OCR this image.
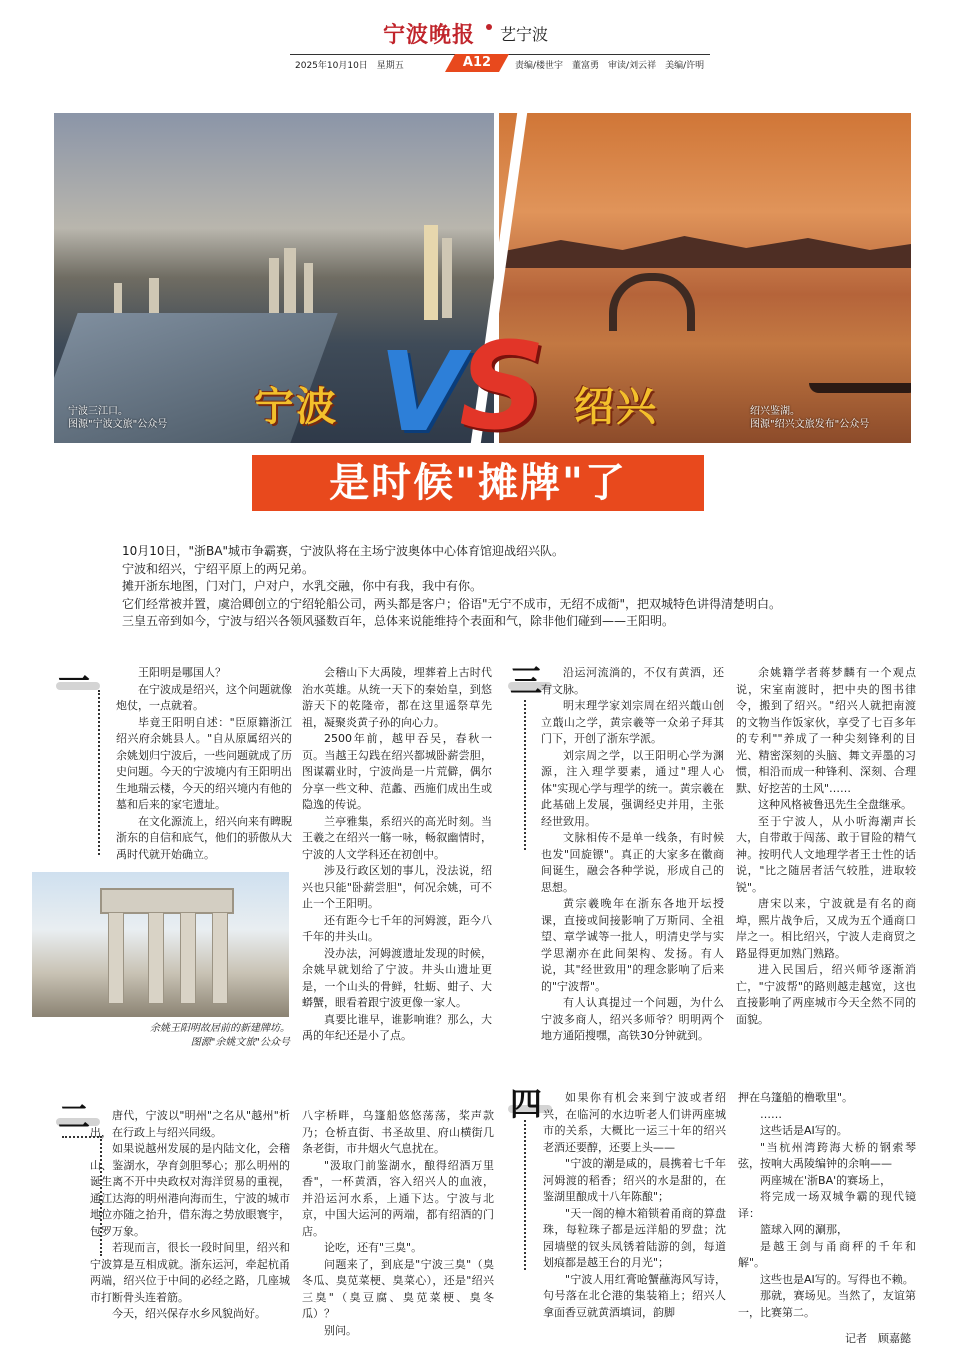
宁波晚报 艺宁波
2025年10月10日　星期五	A12	责编/楼世宇　董富勇　审读/刘云祥　美编/许明
V
S
宁波	绍兴
宁波三江口。
图源"宁波文旅"公众号
绍兴鉴湖。
图源"绍兴文旅发布"公众号
是时候"摊牌"了

10月10日，"浙BA"城市争霸赛，宁波队将在主场宁波奥体中心体育馆迎战绍兴队。

宁波和绍兴，宁绍平原上的两兄弟。

摊开浙东地图，门对门，户对户，水乳交融，你中有我，我中有你。

它们经常被并置，虞洽卿创立的宁绍轮船公司，两头都是客户；俗语"无宁不成市，无绍不成衙"，把双城特色讲得清楚明白。

三皇五帝到如今，宁波与绍兴各领风骚数百年，总体来说能维持个表面和气，除非他们碰到——王阳明。

一	王阳明是哪国人？

在宁波成是绍兴，这个问题就像炮仗，一点就着。

毕竟王阳明自述："臣原籍浙江绍兴府余姚县人。"自从原属绍兴的余姚划归宁波后，一些问题就成了历史问题。今天的宁波境内有王阳明出生地瑞云楼，今天的绍兴境内有他的墓和后来的家宅遗址。

在文化源流上，绍兴向来有睥睨浙东的自信和底气，他们的骄傲从大禹时代就开始确立。

余姚王阳明故居前的新建牌坊。
图源"余姚文旅"公众号

会稽山下大禹陵，埋葬着上古时代治水英雄。从统一天下的秦始皇，到悠游天下的乾隆帝，都在这里遥祭草先祖，凝聚炎黄子孙的向心力。

2500年前，越甲吞吴，春秋一页。当越王勾践在绍兴都城卧薪尝胆，图谋霸业时，宁波尚是一片荒僻，偶尔分享一些文种、范蠡、西施们成出生或隐逸的传说。

兰亭雅集，系绍兴的高光时刻。当王羲之在绍兴一觞一咏，畅叙幽情时，宁波的人文学科还在初创中。

涉及行政区划的事儿，没法说，绍兴也只能"卧薪尝胆"，何况余姚，可不止一个王阳明。

还有距今七千年的河姆渡，距今八千年的井头山。

没办法，河姆渡遗址发现的时候，余姚早就划给了宁波。井头山遗址更是，一个山头的骨鲜，牡蛎、蚶子、大蟒蟹，眼看着跟宁波更像一家人。

真要比谁早，谁影响谁？那么，大禹的年纪还是小了点。

三	沿运河流淌的，不仅有黄酒，还有文脉。

明末理学家刘宗周在绍兴蕺山创立蕺山之学，黄宗羲等一众弟子拜其门下，开创了浙东学派。

刘宗周之学，以王阳明心学为渊源，注入理学要素，通过"理人心体"实现心学与理学的统一。黄宗羲在此基础上发展，强调经史并用，主张经世致用。

文脉相传不是单一线条，有时候也发"回旋镖"。真正的大家多在徽商间诞生，融会各种学说，形成自己的思想。

黄宗羲晚年在浙东各地开坛授课，直接或间接影响了万斯同、全祖望、章学诚等一批人，明清史学与实学思潮亦在此间架构、发扬。有人说，其"经世致用"的理念影响了后来的"宁波帮"。

有人认真提过一个问题，为什么宁波多商人，绍兴多师爷？明明两个地方通陌搜嘿，高铁30分钟就到。

余姚籍学者蒋梦麟有一个观点说，宋室南渡时，把中央的图书律令，搬到了绍兴。"绍兴人就把南渡的文物当作饭家伙，享受了七百多年的专利""养成了一种尖刻锋利的目光、精密深刻的头脑、舞文弄墨的习惯，相沿而成一种锋利、深刻、合理默、好挖苦的土风"……

这种风格被鲁迅先生全盘继承。

至于宁波人，从小听海潮声长大，自带敢于闯荡、敢于冒险的精气神。按明代人文地理学者王士性的话说，"比之随居者活气较胜，进取较锐"。

唐宋以来，宁波就是有名的商埠，熙片战争后，又成为五个通商口岸之一。相比绍兴，宁波人走商贸之路显得更加熟门熟路。

进入民国后，绍兴师爷逐渐消亡，"宁波帮"的路则越走越宽，这也直接影响了两座城市今天全然不同的面貌。

二	唐代，宁波以"明州"之名从"越州"析出，在行政上与绍兴同级。

如果说越州发展的是内陆文化，会稽山、鉴湖水，孕育剑胆琴心；那么明州的诞生离不开中央政权对海洋贸易的重视，通江达海的明州港向海而生，宁波的城市地位亦随之抬升，借东海之势放眼寰宇，包罗万象。

若现而言，很长一段时间里，绍兴和宁波算是互相成就。浙东运河，牵起杭甬两端，绍兴位于中间的必经之路，几座城市打断骨头连着筋。

今天，绍兴保存水乡风貌尚好。

八字桥畔，乌篷船悠悠荡荡，桨声款乃；仓桥直街、书圣故里、府山横街几条老街，市井烟火气息扰在。

"汲取门前鉴湖水，酿得绍酒万里香"，一杯黄酒，容入绍兴人的血液，并沿运河水系，上通下达。宁波与北京，中国大运河的两端，都有绍酒的门店。

论吃，还有"三臭"。

问题来了，到底是"宁波三臭"（臭冬瓜、臭苋菜梗、臭菜心），还是"绍兴三臭"（臭豆腐、臭苋菜梗、臭冬瓜）？

别问。

四	如果你有机会来到宁波或者绍兴，在临河的水边听老人们讲两座城市的关系，大概比一运三十年的绍兴老酒还要醇，还要上头——

"宁波的潮是咸的，晨携着七千年河姆渡的稻香；绍兴的水是甜的，在鉴湖里酿成十八年陈酿"；

"天一阁的樟木箱锁着甬商的算盘珠，每粒珠子都是远洋船的罗盘；沈园墙壁的钗头凤锈着陆游的剑，每道划痕都是越王台的月光"；

"宁波人用红膏呛蟹蘸海风写诗，句号落在北仑港的集装箱上；绍兴人拿面香豆就黄酒填词，韵脚

押在乌篷船的橹歌里"。

……

这些话是AI写的。

"当杭州湾跨海大桥的钢索琴弦，按响大禹陵编钟的余响——

两座城在'浙BA'的赛场上，

将完成一场双城争霸的现代镜译：

篮球入网的涮那，

是越王剑与甬商秤的千年和解"。

这些也是AI写的。写得也不赖。

那就，赛场见。当然了，友谊第一，比赛第二。

记者　顾嘉懿
